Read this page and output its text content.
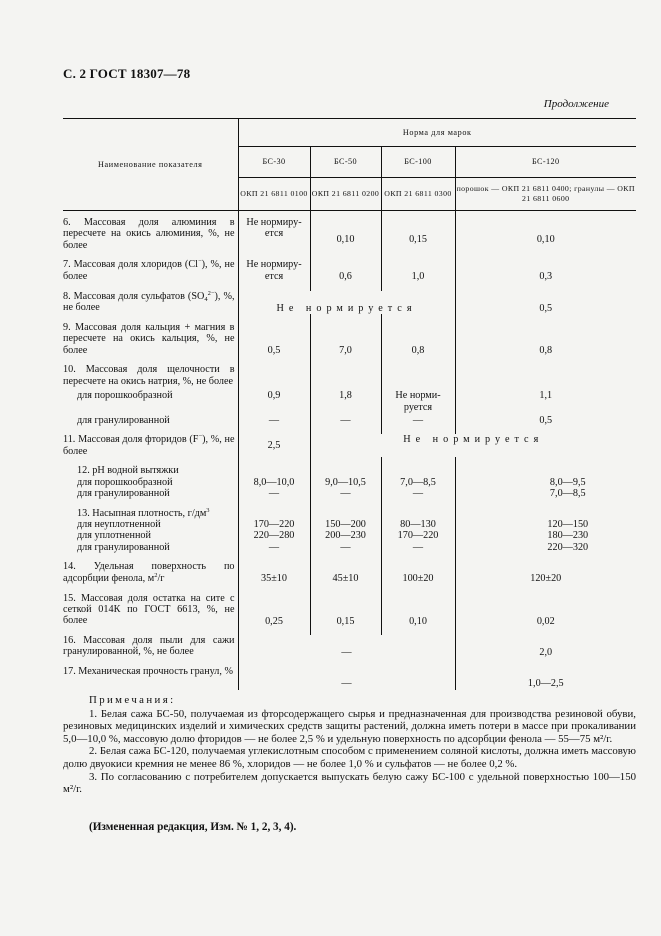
С. 2 ГОСТ 18307—78
Продолжение
Наименование показателя	Норма для марок			
	БС-30	БС-50	БС-100	БС-120
	ОКП 21 6811 0100	ОКП 21 6811 0200	ОКП 21 6811 0300	порошок — ОКП 21 6811 0400; гранулы — ОКП 21 6811 0600
6. Массовая доля алюминия в пересчете на окись алюминия, %, не более	Не нормиру-ется	0,10	0,15	0,10

7. Массовая доля хлоридов (Cl−), %, не более	Не нормиру-ется	0,6	1,0	0,3

8. Массовая доля сульфатов $(SO_4^{2-})$, %, не более	Не нормируется			0,5

9. Массовая доля кальция + магния в пересчете на окись кальция, %, не более	0,5	7,0	0,8	0,8

10. Массовая доля щелочности в пересчете на окись натрия, %, не более				
для порошкообразной	0,9	1,8	Не норми-руется	1,1
для гранулированной	—	—	—	0,5

11. Массовая доля фторидов (F−), %, не более	2,5	Не нормируется		

12. pH водной вытяжки				
для порошкообразной	8,0—10,0	9,0—10,5	7,0—8,5	8,0—9,5
для гранулированной	—	—	—	7,0—8,5

13. Насыпная плотность, $г/дм^3$				
для неуплотненной	170—220	150—200	80—130	120—150
для уплотненной	220—280	200—230	170—220	180—230
для гранулированной	—	—	—	220—320

14. Удельная поверхность по адсорбции фенола, $м^2/г$	35±10	45±10	100±20	120±20

15. Массовая доля остатка на сите с сеткой 014К по ГОСТ 6613, %, не более	0,25	0,15	0,10	0,02

16. Массовая доля пыли для сажи гранулированной, %, не более	—			2,0

17. Механическая прочность гранул, %	—			1,0—2,5
Примечания:

1. Белая сажа БС-50, получаемая из фторсодержащего сырья и предназначенная для производства резиновой обуви, резиновых медицинских изделий и химических средств защиты растений, должна иметь потери в массе при прокаливании 5,0—10,0 %, массовую долю фторидов — не более 2,5 % и удельную поверхность по адсорбции фенола — 55—75 м²/г.

2. Белая сажа БС-120, получаемая углекислотным способом с применением соляной кислоты, должна иметь массовую долю двуокиси кремния не менее 86 %, хлоридов — не более 1,0 % и сульфатов — не более 0,2 %.

3. По согласованию с потребителем допускается выпускать белую сажу БС-100 с удельной поверхностью 100—150 м²/г.

(Измененная редакция, Изм. № 1, 2, 3, 4).
